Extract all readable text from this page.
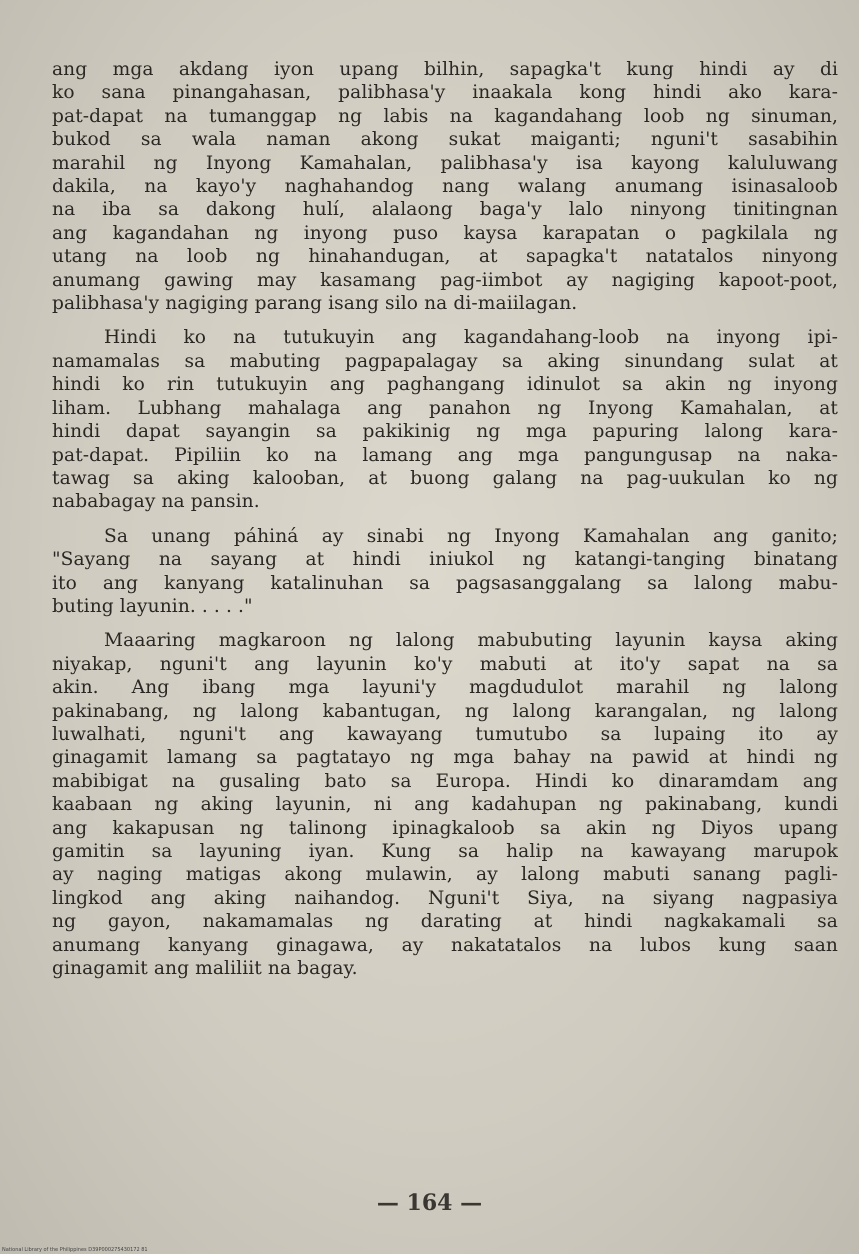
ang mga akdang iyon upang bilhin, sapagka't kung hindi ay di
ko sana pinangahasan, palibhasa'y inaakala kong hindi ako kara-
pat-dapat na tumanggap ng labis na kagandahang loob ng sinuman,
bukod sa wala naman akong sukat maiganti; nguni't sasabihin
marahil ng Inyong Kamahalan, palibhasa'y isa kayong kaluluwang
dakila, na kayo'y naghahandog nang walang anumang isinasaloob
na iba sa dakong hulí, alalaong baga'y lalo ninyong tinitingnan
ang kagandahan ng inyong puso kaysa karapatan o pagkilala ng
utang na loob ng hinahandugan, at sapagka't natatalos ninyong
anumang gawing may kasamang pag-iimbot ay nagiging kapoot-poot,
palibhasa'y nagiging parang isang silo na di-maiilagan.
Hindi ko na tutukuyin ang kagandahang-loob na inyong ipi-
namamalas sa mabuting pagpapalagay sa aking sinundang sulat at
hindi ko rin tutukuyin ang paghangang idinulot sa akin ng inyong
liham. Lubhang mahalaga ang panahon ng Inyong Kamahalan, at
hindi dapat sayangin sa pakikinig ng mga papuring lalong kara-
pat-dapat. Pipiliin ko na lamang ang mga pangungusap na naka-
tawag sa aking kalooban, at buong galang na pag-uukulan ko ng
nababagay na pansin.
Sa unang páhiná ay sinabi ng Inyong Kamahalan ang ganito;
"Sayang na sayang at hindi iniukol ng katangi-tanging binatang
ito ang kanyang katalinuhan sa pagsasanggalang sa lalong mabu-
buting layunin. . . . ."
Maaaring magkaroon ng lalong mabubuting layunin kaysa aking
niyakap, nguni't ang layunin ko'y mabuti at ito'y sapat na sa
akin. Ang ibang mga layuni'y magdudulot marahil ng lalong
pakinabang, ng lalong kabantugan, ng lalong karangalan, ng lalong
luwalhati, nguni't ang kawayang tumutubo sa lupaing ito ay
ginagamit lamang sa pagtatayo ng mga bahay na pawid at hindi ng
mabibigat na gusaling bato sa Europa. Hindi ko dinaramdam ang
kaabaan ng aking layunin, ni ang kadahupan ng pakinabang, kundi
ang kakapusan ng talinong ipinagkaloob sa akin ng Diyos upang
gamitin sa layuning iyan. Kung sa halip na kawayang marupok
ay naging matigas akong mulawin, ay lalong mabuti sanang pagli-
lingkod ang aking naihandog. Nguni't Siya, na siyang nagpasiya
ng gayon, nakamamalas ng darating at hindi nagkakamali sa
anumang kanyang ginagawa, ay nakatatalos na lubos kung saan
ginagamit ang maliliit na bagay.
— 164 —
National Library of the Philippines D39P000275430172 81
